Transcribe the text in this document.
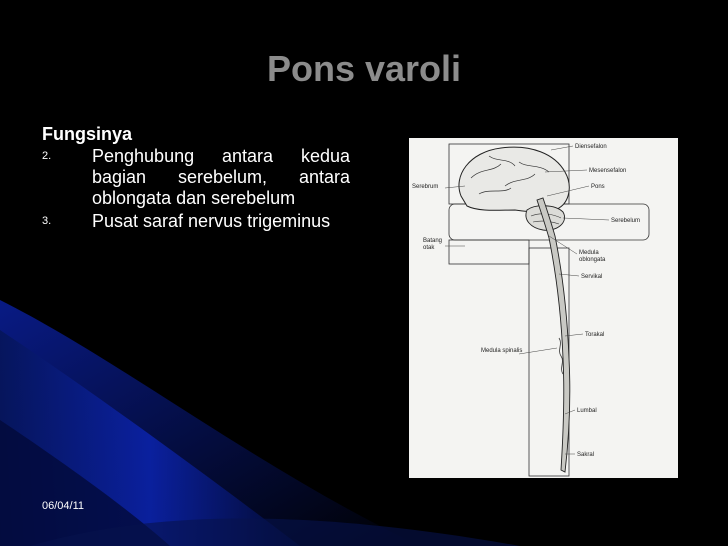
Pons varoli
Fungsinya
2.	Penghubung antara kedua bagian serebelum, antara oblongata dan serebelum
3.	Pusat saraf nervus trigeminus
Diensefalon
Mesensefalon
Serebrum	Pons
Serebelum
Batang otak
Medula oblongata
Servikal
Torakal
Medula spinalis
Lumbal
Sakral
06/04/11
